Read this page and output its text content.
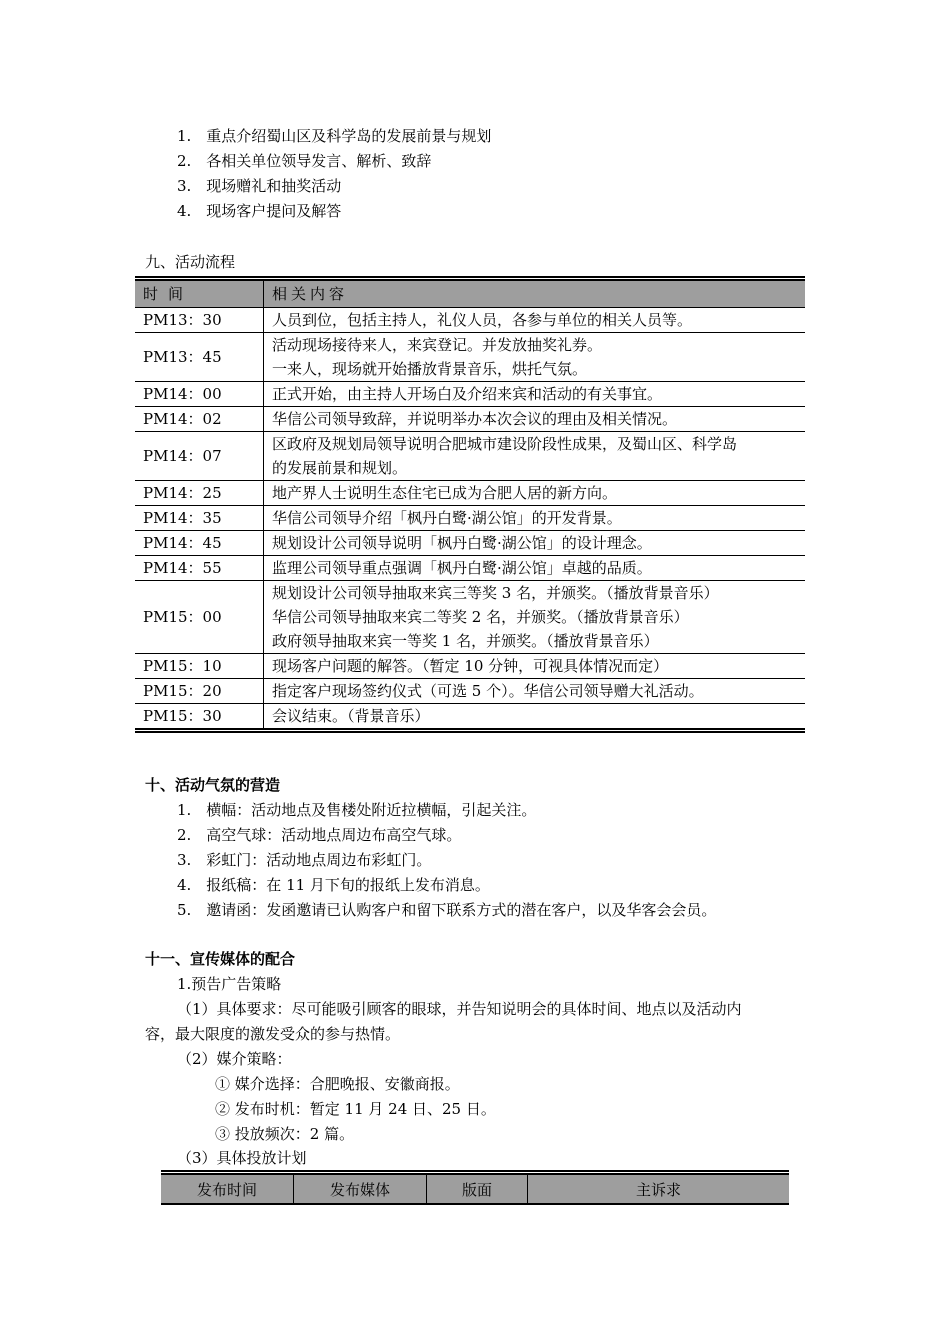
1.　重点介绍蜀山区及科学岛的发展前景与规划
2.　各相关单位领导发言、解析、致辞
3.　现场赠礼和抽奖活动
4.　现场客户提问及解答
九、活动流程
时间	相关内容
PM13：30	人员到位，包括主持人，礼仪人员，各参与单位的相关人员等。

PM13：45	活动现场接待来人，来宾登记。并发放抽奖礼券。
一来人，现场就开始播放背景音乐，烘托气氛。

PM14：00	正式开始，由主持人开场白及介绍来宾和活动的有关事宜。

PM14：02	华信公司领导致辞，并说明举办本次会议的理由及相关情况。

PM14：07	区政府及规划局领导说明合肥城市建设阶段性成果，及蜀山区、科学岛
的发展前景和规划。

PM14：25	地产界人士说明生态住宅已成为合肥人居的新方向。

PM14：35	华信公司领导介绍「枫丹白鹭·湖公馆」的开发背景。

PM14：45	规划设计公司领导说明「枫丹白鹭·湖公馆」的设计理念。

PM14：55	监理公司领导重点强调「枫丹白鹭·湖公馆」卓越的品质。

PM15：00	规划设计公司领导抽取来宾三等奖 3 名，并颁奖。（播放背景音乐）
华信公司领导抽取来宾二等奖 2 名，并颁奖。（播放背景音乐）
政府领导抽取来宾一等奖 1 名，并颁奖。（播放背景音乐）

PM15：10	现场客户问题的解答。（暂定 10 分钟，可视具体情况而定）

PM15：20	指定客户现场签约仪式（可选 5 个）。华信公司领导赠大礼活动。

PM15：30	会议结束。（背景音乐）
十、活动气氛的营造
1.　横幅：活动地点及售楼处附近拉横幅，引起关注。
2.　高空气球：活动地点周边布高空气球。
3.　彩虹门：活动地点周边布彩虹门。
4.　报纸稿：在 11 月下旬的报纸上发布消息。
5.　邀请函：发函邀请已认购客户和留下联系方式的潜在客户，以及华客会会员。
十一、宣传媒体的配合
1.预告广告策略
（1）具体要求：尽可能吸引顾客的眼球，并告知说明会的具体时间、地点以及活动内
容，最大限度的激发受众的参与热情。
（2）媒介策略：
① 媒介选择：合肥晚报、安徽商报。
② 发布时机：暂定 11 月 24 日、25 日。
③ 投放频次：2 篇。
（3）具体投放计划
发布时间	发布媒体	版面	主诉求
